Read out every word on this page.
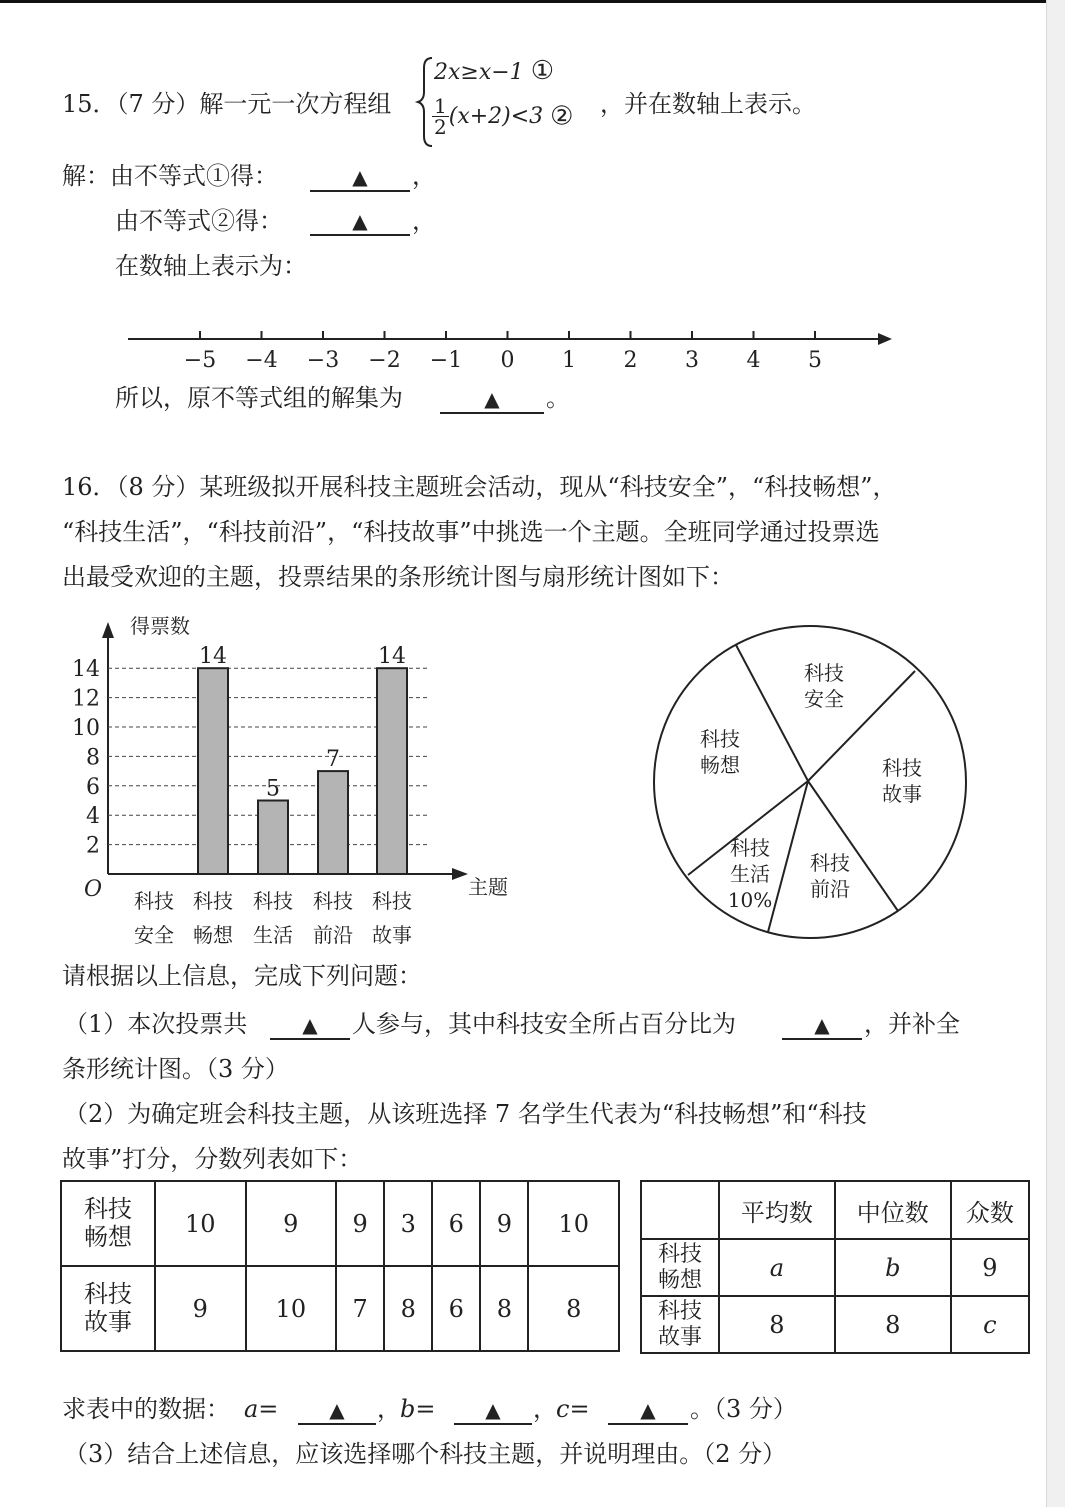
15．（7 分）解一元一次方程组
2x≥x−1 ①
$\frac{1}{2} (x+2)<3$ ② ，并在数轴上表示。
解：由不等式①得：	▲	，
由不等式②得：	▲	，
在数轴上表示为：
−5 −4 −3 −2 −1 0 1 2 3 4 5
所以，原不等式组的解集为	▲	。
16．（8 分）某班级拟开展科技主题班会活动，现从“科技安全”，“科技畅想”，
“科技生活”，“科技前沿”，“科技故事”中挑选一个主题。全班同学通过投票选
出最受欢迎的主题，投票结果的条形统计图与扇形统计图如下：
2
4
6
8
10
12
14
科技
安全
14
科技
畅想
5
科技
生活
7
科技
前沿
14
科技
故事
得票数
主题
O
科技
安全
科技
故事
科技
前沿
科技
生活
10%
科技
畅想
请根据以上信息，完成下列问题：
（1）本次投票共	▲	人参与，其中科技安全所占百分比为	▲	，并补全
条形统计图。（3 分）
（2）为确定班会科技主题，从该班选择 7 名学生代表为“科技畅想”和“科技
故事”打分，分数列表如下：
科技
畅想	10	9	9	3	6	9	10

科技
故事	9	10	7	8	6	8	8
	平均数	中位数	众数

科技
畅想	a	b	9

科技
故事	8	8	c
求表中的数据： a=	▲	， b=	▲	， c=	▲	。（3 分）
（3）结合上述信息，应该选择哪个科技主题，并说明理由。（2 分）
